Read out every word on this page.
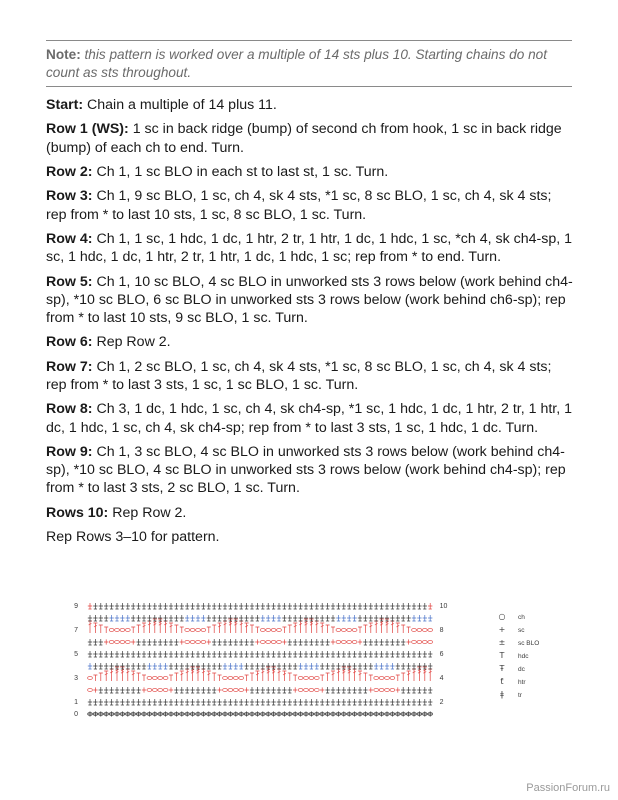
Note: this pattern is worked over a multiple of 14 sts plus 10. Starting chains do not count as sts throughout.

Start: Chain a multiple of 14 plus 11.

Row 1 (WS): 1 sc in back ridge (bump) of second ch from hook, 1 sc in back ridge (bump) of each ch to end. Turn.

Row 2: Ch 1, 1 sc BLO in each st to last st, 1 sc. Turn.

Row 3: Ch 1, 9 sc BLO, 1 sc, ch 4, sk 4 sts, *1 sc, 8 sc BLO, 1 sc, ch 4, sk 4 sts; rep from * to last 10 sts, 1 sc, 8 sc BLO, 1 sc. Turn.

Row 4: Ch 1, 1 sc, 1 hdc, 1 dc, 1 htr, 2 tr, 1 htr, 1 dc, 1 hdc, 1 sc, *ch 4, sk ch4-sp, 1 sc, 1 hdc, 1 dc, 1 htr, 2 tr, 1 htr, 1 dc, 1 hdc, 1 sc; rep from * to end. Turn.

Row 5: Ch 1, 10 sc BLO, 4 sc BLO in unworked sts 3 rows below (work behind ch4-sp), *10 sc BLO, 6 sc BLO in unworked sts 3 rows below (work behind ch6-sp); rep from * to last 10 sts, 9 sc BLO, 1 sc. Turn.

Row 6: Rep Row 2.

Row 7: Ch 1, 2 sc BLO, 1 sc, ch 4, sk 4 sts, *1 sc, 8 sc BLO, 1 sc, ch 4, sk 4 sts; rep from * to last 3 sts, 1 sc, 1 sc BLO, 1 sc. Turn.

Row 8: Ch 3, 1 dc, 1 hdc, 1 sc, ch 4, sk ch4-sp, *1 sc, 1 hdc, 1 dc, 1 htr, 2 tr, 1 htr, 1 dc, 1 hdc, 1 sc, ch 4, sk ch4-sp; rep from * to last 3 sts, 1 sc, 1 hdc, 1 dc. Turn.

Row 9: Ch 1, 3 sc BLO, 4 sc BLO in unworked sts 3 rows below (work behind ch4-sp), *10 sc BLO, 4 sc BLO in unworked sts 3 rows below (work behind ch4-sp); rep from * to last 3 sts, 2 sc BLO, 1 sc. Turn.

Rows 10: Rep Row 2.

Rep Rows 3–10 for pattern.

9
7
5
3
1
0
10
8
6
4
2
○ ch
+ sc
± sc BLO
T hdc
Ŧ dc
ƭ htr
ǂ tr
PassionForum.ru
